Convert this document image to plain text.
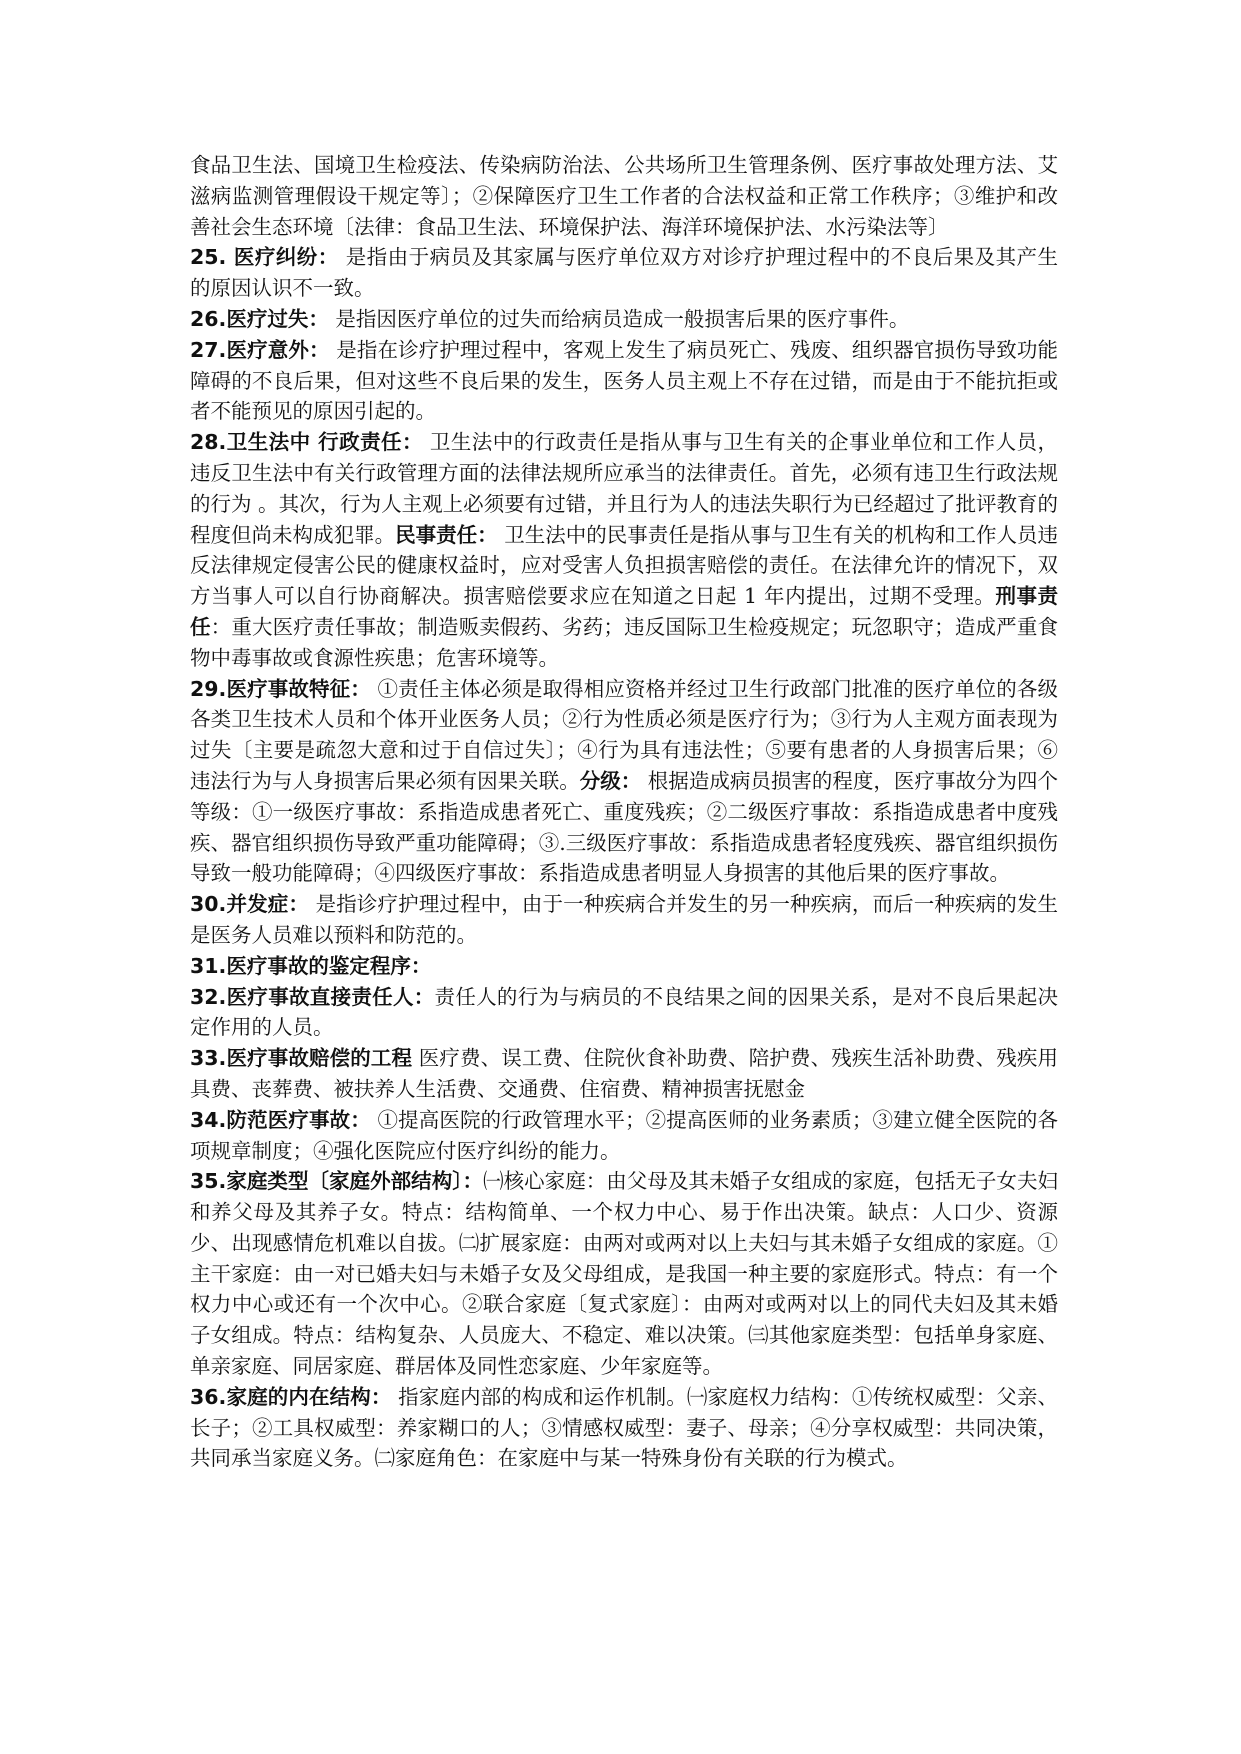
食品卫生法、国境卫生检疫法、传染病防治法、公共场所卫生管理条例、医疗事故处理方法、艾滋病监测管理假设干规定等〕；②保障医疗卫生工作者的合法权益和正常工作秩序；③维护和改善社会生态环境〔法律：食品卫生法、环境保护法、海洋环境保护法、水污染法等〕

25. 医疗纠纷： 是指由于病员及其家属与医疗单位双方对诊疗护理过程中的不良后果及其产生的原因认识不一致。

26.医疗过失： 是指因医疗单位的过失而给病员造成一般损害后果的医疗事件。

27.医疗意外： 是指在诊疗护理过程中，客观上发生了病员死亡、残废、组织器官损伤导致功能障碍的不良后果，但对这些不良后果的发生，医务人员主观上不存在过错，而是由于不能抗拒或者不能预见的原因引起的。

28.卫生法中 行政责任： 卫生法中的行政责任是指从事与卫生有关的企事业单位和工作人员，违反卫生法中有关行政管理方面的法律法规所应承当的法律责任。首先，必须有违卫生行政法规的行为 。其次，行为人主观上必须要有过错，并且行为人的违法失职行为已经超过了批评教育的程度但尚未构成犯罪。民事责任： 卫生法中的民事责任是指从事与卫生有关的机构和工作人员违反法律规定侵害公民的健康权益时，应对受害人负担损害赔偿的责任。在法律允许的情况下，双方当事人可以自行协商解决。损害赔偿要求应在知道之日起 1 年内提出，过期不受理。刑事责任：重大医疗责任事故；制造贩卖假药、劣药；违反国际卫生检疫规定；玩忽职守；造成严重食物中毒事故或食源性疾患；危害环境等。

29.医疗事故特征： ①责任主体必须是取得相应资格并经过卫生行政部门批准的医疗单位的各级各类卫生技术人员和个体开业医务人员；②行为性质必须是医疗行为；③行为人主观方面表现为过失〔主要是疏忽大意和过于自信过失〕；④行为具有违法性；⑤要有患者的人身损害后果；⑥违法行为与人身损害后果必须有因果关联。分级： 根据造成病员损害的程度，医疗事故分为四个等级：①一级医疗事故：系指造成患者死亡、重度残疾；②二级医疗事故：系指造成患者中度残疾、器官组织损伤导致严重功能障碍；③.三级医疗事故：系指造成患者轻度残疾、器官组织损伤导致一般功能障碍；④四级医疗事故：系指造成患者明显人身损害的其他后果的医疗事故。

30.并发症： 是指诊疗护理过程中，由于一种疾病合并发生的另一种疾病，而后一种疾病的发生是医务人员难以预料和防范的。

31.医疗事故的鉴定程序：

32.医疗事故直接责任人：责任人的行为与病员的不良结果之间的因果关系，是对不良后果起决定作用的人员。

33.医疗事故赔偿的工程 医疗费、误工费、住院伙食补助费、陪护费、残疾生活补助费、残疾用具费、丧葬费、被扶养人生活费、交通费、住宿费、精神损害抚慰金

34.防范医疗事故： ①提高医院的行政管理水平；②提高医师的业务素质；③建立健全医院的各项规章制度；④强化医院应付医疗纠纷的能力。

35.家庭类型〔家庭外部结构〕：㈠核心家庭：由父母及其未婚子女组成的家庭，包括无子女夫妇和养父母及其养子女。特点：结构简单、一个权力中心、易于作出决策。缺点：人口少、资源少、出现感情危机难以自拔。㈡扩展家庭：由两对或两对以上夫妇与其未婚子女组成的家庭。①主干家庭：由一对已婚夫妇与未婚子女及父母组成，是我国一种主要的家庭形式。特点：有一个权力中心或还有一个次中心。②联合家庭〔复式家庭〕：由两对或两对以上的同代夫妇及其未婚子女组成。特点：结构复杂、人员庞大、不稳定、难以决策。㈢其他家庭类型：包括单身家庭、单亲家庭、同居家庭、群居体及同性恋家庭、少年家庭等。

36.家庭的内在结构： 指家庭内部的构成和运作机制。㈠家庭权力结构：①传统权威型：父亲、长子；②工具权威型：养家糊口的人；③情感权威型：妻子、母亲；④分享权威型：共同决策，共同承当家庭义务。㈡家庭角色：在家庭中与某一特殊身份有关联的行为模式。
